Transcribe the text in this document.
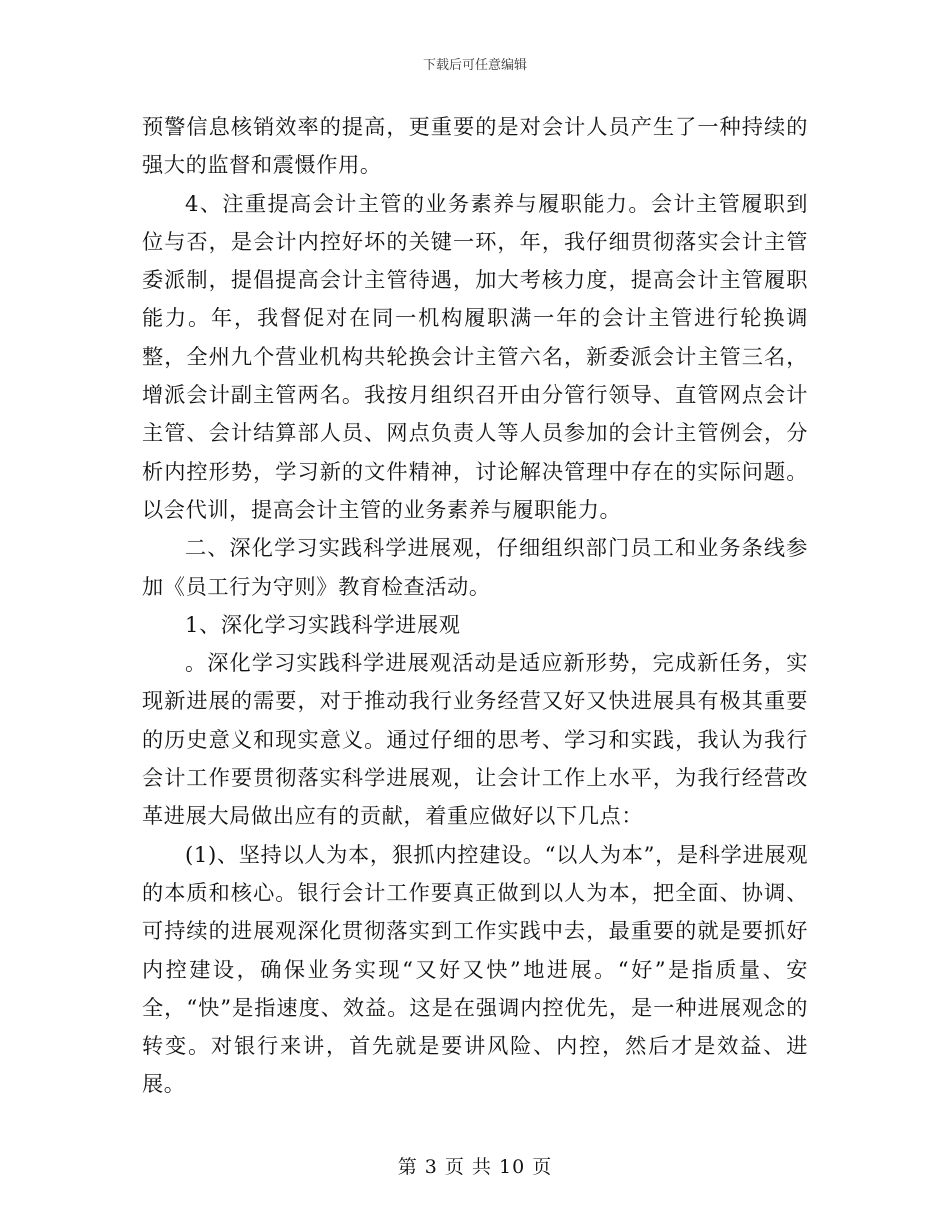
下载后可任意编辑

预警信息核销效率的提高，更重要的是对会计人员产生了一种持续的强大的监督和震慑作用。

4、注重提高会计主管的业务素养与履职能力。会计主管履职到位与否，是会计内控好坏的关键一环，年，我仔细贯彻落实会计主管委派制，提倡提高会计主管待遇，加大考核力度，提高会计主管履职能力。年，我督促对在同一机构履职满一年的会计主管进行轮换调整，全州九个营业机构共轮换会计主管六名，新委派会计主管三名，增派会计副主管两名。我按月组织召开由分管行领导、直管网点会计主管、会计结算部人员、网点负责人等人员参加的会计主管例会，分析内控形势，学习新的文件精神，讨论解决管理中存在的实际问题。以会代训，提高会计主管的业务素养与履职能力。

二、深化学习实践科学进展观，仔细组织部门员工和业务条线参加《员工行为守则》教育检查活动。

1、深化学习实践科学进展观

。深化学习实践科学进展观活动是适应新形势，完成新任务，实现新进展的需要，对于推动我行业务经营又好又快进展具有极其重要的历史意义和现实意义。通过仔细的思考、学习和实践，我认为我行会计工作要贯彻落实科学进展观，让会计工作上水平，为我行经营改革进展大局做出应有的贡献，着重应做好以下几点：

(1)、坚持以人为本，狠抓内控建设。“以人为本”，是科学进展观的本质和核心。银行会计工作要真正做到以人为本，把全面、协调、可持续的进展观深化贯彻落实到工作实践中去，最重要的就是要抓好内控建设，确保业务实现“又好又快”地进展。“好”是指质量、安全，“快”是指速度、效益。这是在强调内控优先，是一种进展观念的转变。对银行来讲，首先就是要讲风险、内控，然后才是效益、进展。

第 3 页 共 10 页
